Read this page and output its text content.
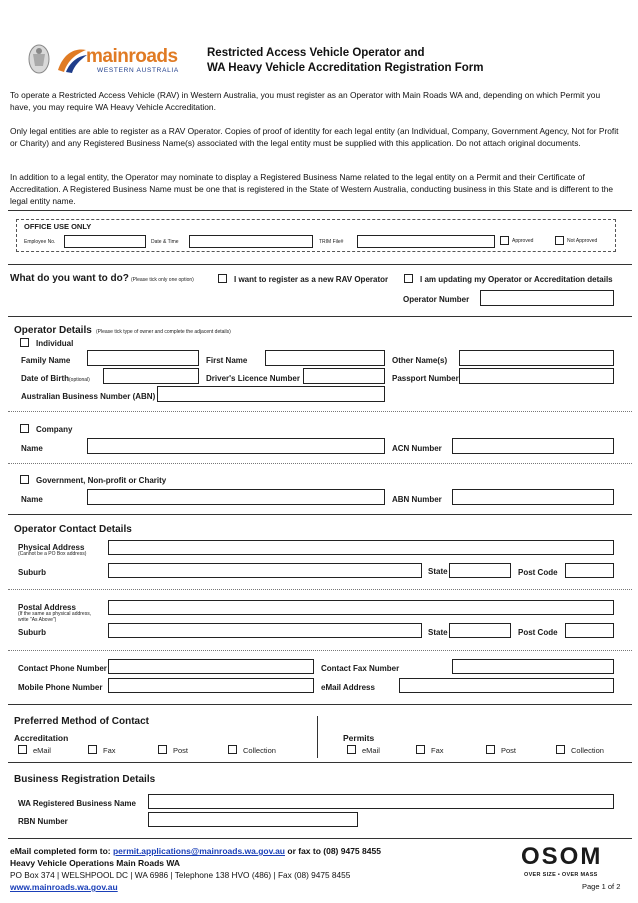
mainroads
WESTERN AUSTRALIA
Restricted Access Vehicle Operator and
WA Heavy Vehicle Accreditation Registration Form
To operate a Restricted Access Vehicle (RAV) in Western Australia, you must register as an Operator with Main Roads WA and, depending on which Permit you have, you may require WA Heavy Vehicle Accreditation.
Only legal entities are able to register as a RAV Operator. Copies of proof of identity for each legal entity (an Individual, Company, Government Agency, Not for Profit or Charity) and any Registered Business Name(s) associated with the legal entity must be supplied with this application. Do not attach original documents.
In addition to a legal entity, the Operator may nominate to display a Registered Business Name related to the legal entity on a Permit and their Certificate of Accreditation. A Registered Business Name must be one that is registered in the State of Western Australia, conducting business in this State and is different to the legal entity name.
OFFICE USE ONLY
Employee No.	Date & Time	TRIM File#	Approved	Not Approved
What do you want to do? (Please tick only one option)	I want to register as a new RAV Operator	I am updating my Operator or Accreditation details
Operator Number
Operator Details (Please tick type of owner and complete the adjacent details)
Individual
Family Name	First Name	Other Name(s)
Date of Birth(optional)	Driver's Licence Number	Passport Number
Australian Business Number (ABN)
Company
Name	ACN Number
Government, Non-profit or Charity
Name	ABN Number
Operator Contact Details
Physical Address
(Cannot be a PO Box address)
Suburb	State	Post Code
Postal Address
(If the same as physical address,
write "As Above")
Suburb	State	Post Code
Contact Phone Number	Contact Fax Number
Mobile Phone Number	eMail Address
Preferred Method of Contact
Accreditation	Permits
eMail	Fax	Post	Collection	eMail	Fax	Post	Collection
Business Registration Details
WA Registered Business Name
RBN Number
eMail completed form to: permit.applications@mainroads.wa.gov.au or fax to (08) 9475 8455
Heavy Vehicle Operations Main Roads WA
PO Box 374 | WELSHPOOL DC | WA 6986 | Telephone 138 HVO (486) | Fax (08) 9475 8455
www.mainroads.wa.gov.au
OSOM
OVER SIZE • OVER MASS
Page 1 of 2
